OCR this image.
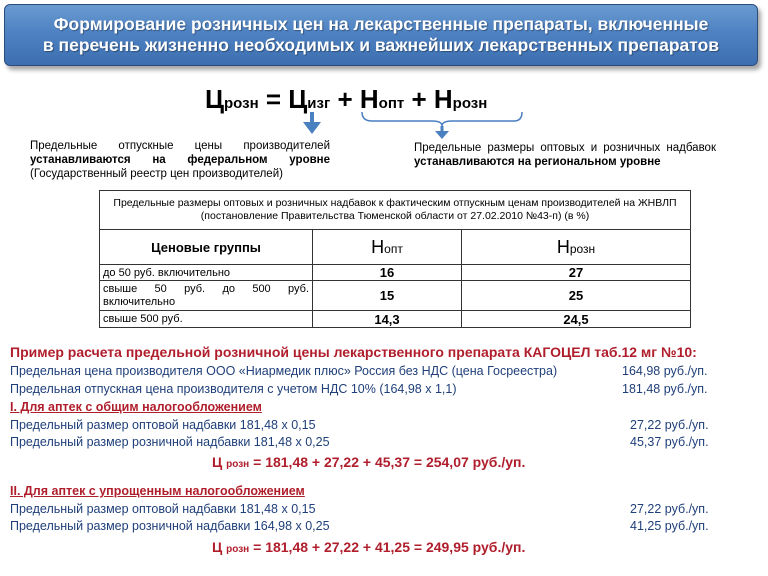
Формирование розничных цен на лекарственные препараты, включенные
в перечень жизненно необходимых и важнейших лекарственных препаратов
Црозн = Цизг + Нопт + Нрозн
Предельные отпускные цены производителей устанавливаются на федеральном уровне (Государственный реестр цен производителей)
Предельные размеры оптовых и розничных надбавок устанавливаются на региональном уровне
Предельные размеры оптовых и розничных надбавок к фактическим отпускным ценам производителей на ЖНВЛП (постановление Правительства Тюменской области от 27.02.2010 №43-п) (в %)		
Ценовые группы	Нопт	Нрозн
до 50 руб. включительно	16	27
свыше 50 руб. до 500 руб. включительно	15	25
свыше 500 руб.	14,3	24,5
Пример расчета предельной розничной цены лекарственного препарата КАГОЦЕЛ таб.12 мг №10:
Предельная цена производителя ООО «Ниармедик плюс» Россия без НДС (цена Госреестра)	164,98 руб./уп.
Предельная отпускная цена производителя с учетом НДС 10% (164,98 х 1,1)	181,48 руб./уп.
I. Для аптек с общим налогообложением
Предельный размер оптовой надбавки 181,48 х 0,15	27,22 руб./уп.
Предельный размер розничной надбавки 181,48 х 0,25	45,37 руб./уп.
Ц розн = 181,48 + 27,22 + 45,37 = 254,07 руб./уп.
II. Для аптек с упрощенным налогообложением
Предельный размер оптовой надбавки 181,48 х 0,15	27,22 руб./уп.
Предельный размер розничной надбавки 164,98 х 0,25	41,25 руб./уп.
Ц розн = 181,48 + 27,22 + 41,25 = 249,95 руб./уп.
